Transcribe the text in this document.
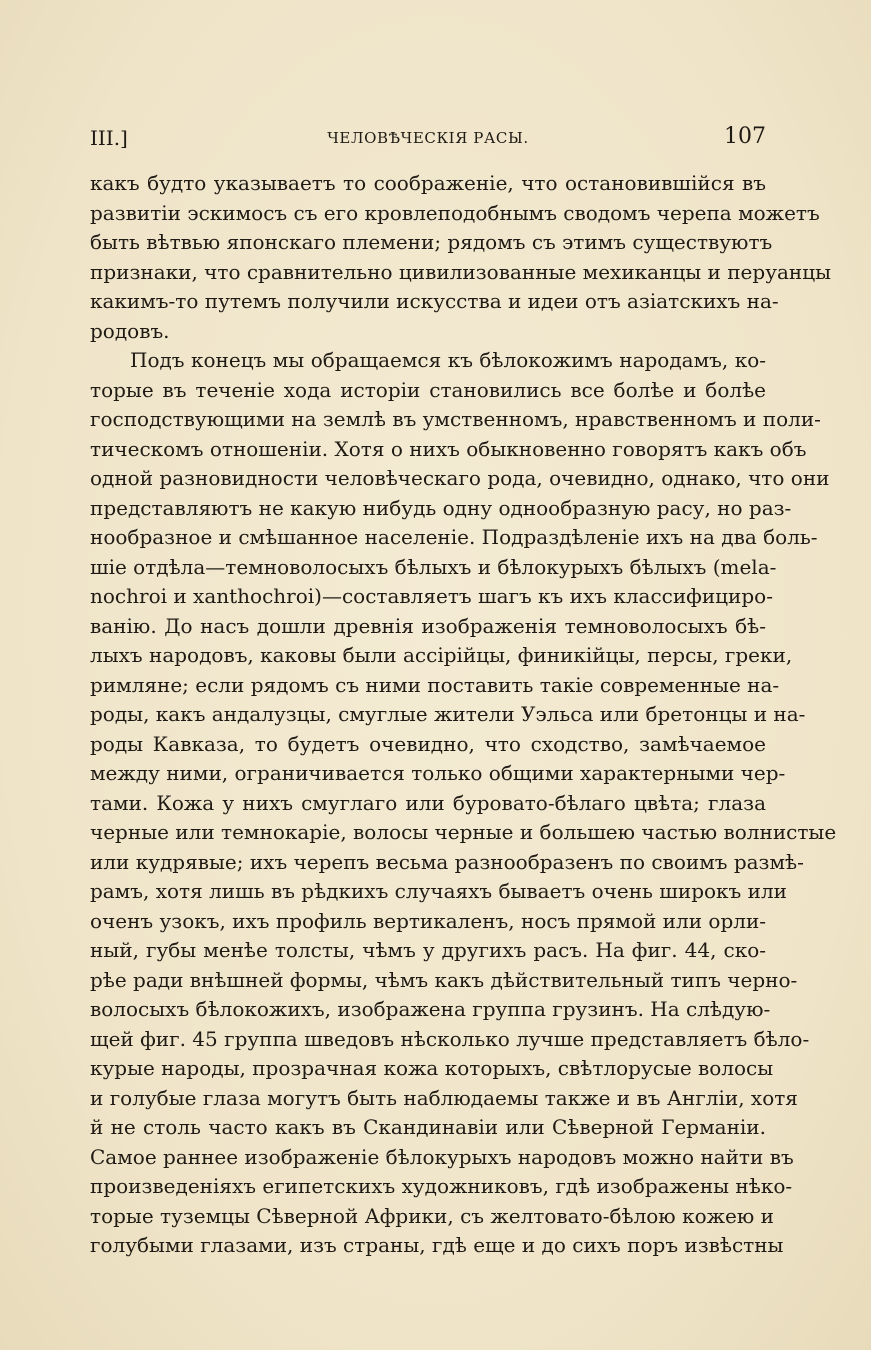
III.]	ЧЕЛОВѢЧЕСКІЯ РАСЫ.	107
какъ будто указываетъ то соображеніе, что остановившійся въ
развитіи эскимосъ съ его кровлеподобнымъ сводомъ черепа можетъ
быть вѣтвью японскаго племени; рядомъ съ этимъ существуютъ
признаки, что сравнительно цивилизованные мехиканцы и перуанцы
какимъ-то путемъ получили искусства и идеи отъ азіатскихъ на-
родовъ.
Подъ конецъ мы обращаемся къ бѣлокожимъ народамъ, ко-
торые въ теченіе хода исторіи становились все болѣе и болѣе
господствующими на землѣ въ умственномъ, нравственномъ и поли-
тическомъ отношеніи. Хотя о нихъ обыкновенно говорятъ какъ объ
одной разновидности человѣческаго рода, очевидно, однако, что они
представляютъ не какую нибудь одну однообразную расу, но раз-
нообразное и смѣшанное населеніе. Подраздѣленіе ихъ на два боль-
шіе отдѣла—темноволосыхъ бѣлыхъ и бѣлокурыхъ бѣлыхъ (mela-
nochroi и xanthochroi)—составляетъ шагъ къ ихъ классифициро-
ванію. До насъ дошли древнія изображенія темноволосыхъ бѣ-
лыхъ народовъ, каковы были ассірійцы, финикійцы, персы, греки,
римляне; если рядомъ съ ними поставить такіе современные на-
роды, какъ андалузцы, смуглые жители Уэльса или бретонцы и на-
роды Кавказа, то будетъ очевидно, что сходство, замѣчаемое
между ними, ограничивается только общими характерными чер-
тами. Кожа у нихъ смуглаго или буровато-бѣлаго цвѣта; глаза
черные или темнокаріе, волосы черные и большею частью волнистые
или кудрявые; ихъ черепъ весьма разнообразенъ по своимъ размѣ-
рамъ, хотя лишь въ рѣдкихъ случаяхъ бываетъ очень широкъ или
оченъ узокъ, ихъ профиль вертикаленъ, носъ прямой или орли-
ный, губы менѣе толсты, чѣмъ у другихъ расъ. На фиг. 44, ско-
рѣе ради внѣшней формы, чѣмъ какъ дѣйствительный типъ черно-
волосыхъ бѣлокожихъ, изображена группа грузинъ. На слѣдую-
щей фиг. 45 группа шведовъ нѣсколько лучше представляетъ бѣло-
курые народы, прозрачная кожа которыхъ, свѣтлорусые волосы
и голубые глаза могутъ быть наблюдаемы также и въ Англіи, хотя
й не столь часто какъ въ Скандинавіи или Сѣверной Германіи.
Самое раннее изображеніе бѣлокурыхъ народовъ можно найти въ
произведеніяхъ египетскихъ художниковъ, гдѣ изображены нѣко-
торые туземцы Сѣверной Африки, съ желтовато-бѣлою кожею и
голубыми глазами, изъ страны, гдѣ еще и до сихъ поръ извѣстны
